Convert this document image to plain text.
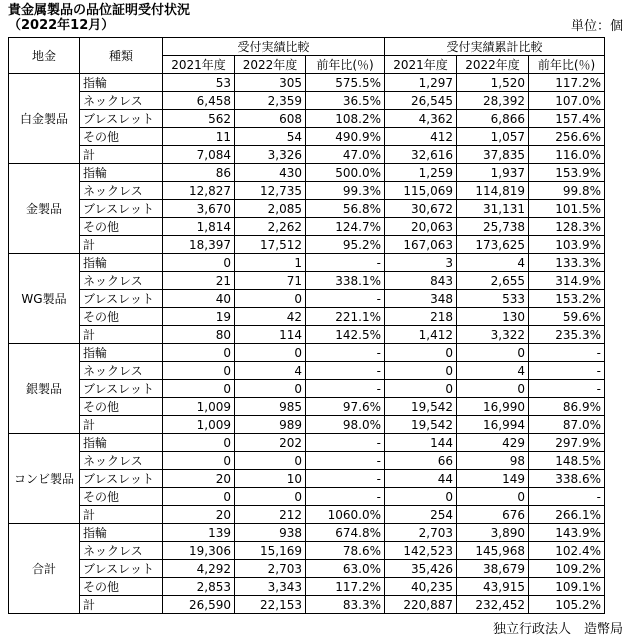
貴金属製品の品位証明受付状況
（2022年12月）	単位：個
地金	種類	受付実績比較			受付実績累計比較		
		2021年度	2022年度	前年比(％)	2021年度	2022年度	前年比(％)
白金製品	指輪	53	305	575.5%	1,297	1,520	117.2%
	ネックレス	6,458	2,359	36.5%	26,545	28,392	107.0%
	ブレスレット	562	608	108.2%	4,362	6,866	157.4%
	その他	11	54	490.9%	412	1,057	256.6%
	計	7,084	3,326	47.0%	32,616	37,835	116.0%
金製品	指輪	86	430	500.0%	1,259	1,937	153.9%
	ネックレス	12,827	12,735	99.3%	115,069	114,819	99.8%
	ブレスレット	3,670	2,085	56.8%	30,672	31,131	101.5%
	その他	1,814	2,262	124.7%	20,063	25,738	128.3%
	計	18,397	17,512	95.2%	167,063	173,625	103.9%
WG製品	指輪	0	1	-	3	4	133.3%
	ネックレス	21	71	338.1%	843	2,655	314.9%
	ブレスレット	40	0	-	348	533	153.2%
	その他	19	42	221.1%	218	130	59.6%
	計	80	114	142.5%	1,412	3,322	235.3%
銀製品	指輪	0	0	-	0	0	-
	ネックレス	0	4	-	0	4	-
	ブレスレット	0	0	-	0	0	-
	その他	1,009	985	97.6%	19,542	16,990	86.9%
	計	1,009	989	98.0%	19,542	16,994	87.0%
コンビ製品	指輪	0	202	-	144	429	297.9%
	ネックレス	0	0	-	66	98	148.5%
	ブレスレット	20	10	-	44	149	338.6%
	その他	0	0	-	0	0	-
	計	20	212	1060.0%	254	676	266.1%
合計	指輪	139	938	674.8%	2,703	3,890	143.9%
	ネックレス	19,306	15,169	78.6%	142,523	145,968	102.4%
	ブレスレット	4,292	2,703	63.0%	35,426	38,679	109.2%
	その他	2,853	3,343	117.2%	40,235	43,915	109.1%
	計	26,590	22,153	83.3%	220,887	232,452	105.2%
独立行政法人　造幣局
